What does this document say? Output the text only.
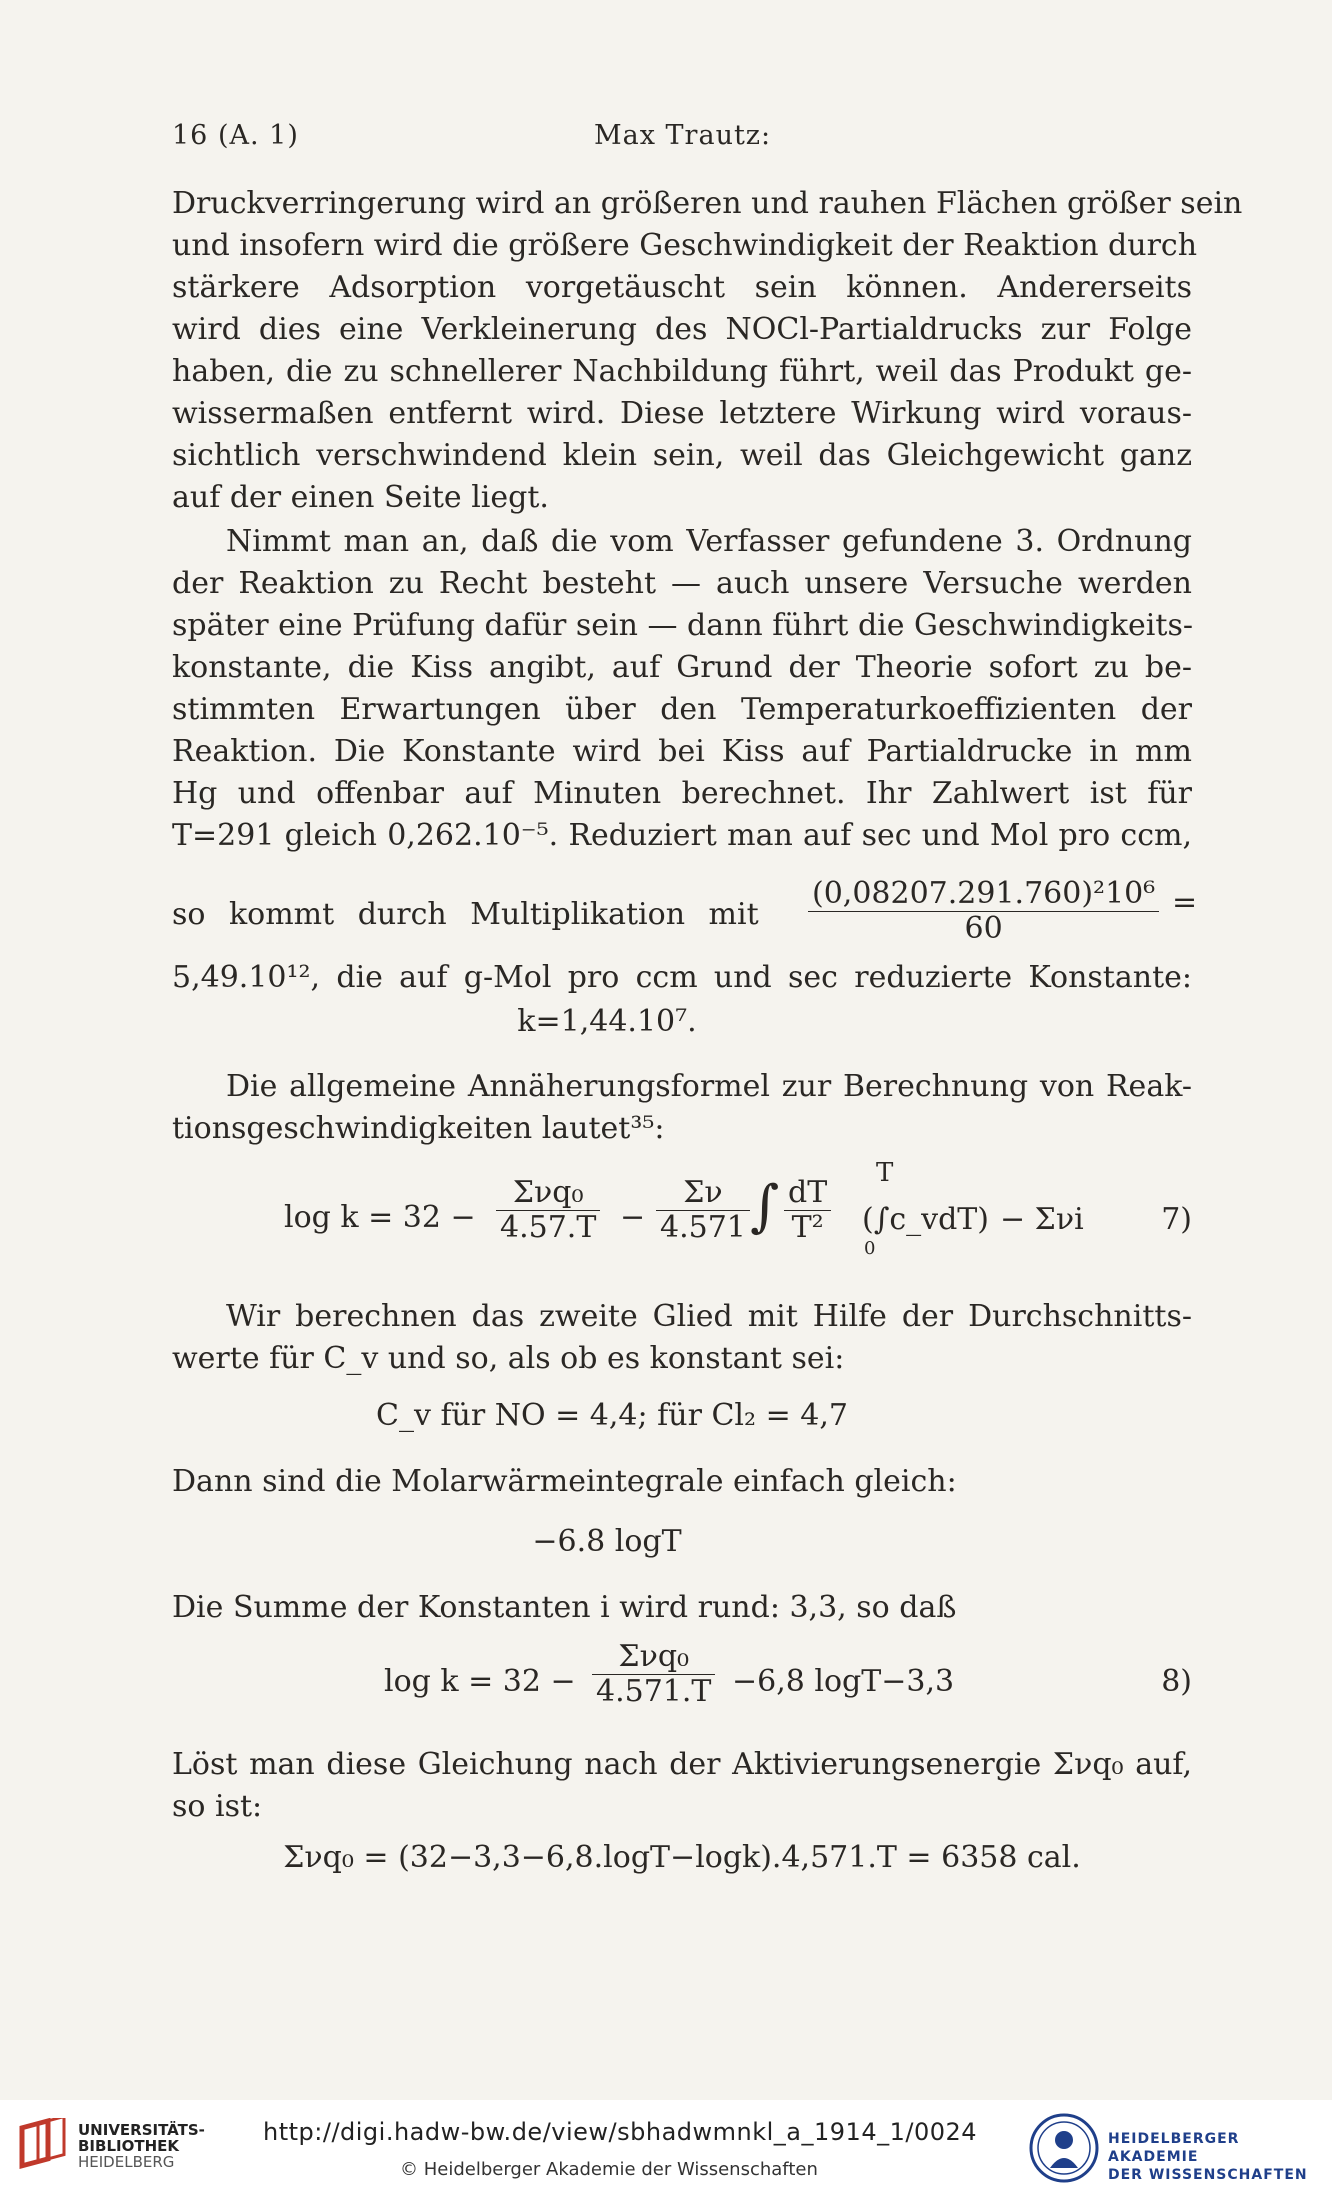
16 (A. 1)	Max Trautz:
Druckverringerung wird an größeren und rauhen Flächen größer sein
und insofern wird die größere Geschwindigkeit der Reaktion durch
stärkere Adsorption vorgetäuscht sein können. Andererseits
wird dies eine Verkleinerung des NOCl-Partialdrucks zur Folge
haben, die zu schnellerer Nachbildung führt, weil das Produkt ge-
wissermaßen entfernt wird. Diese letztere Wirkung wird voraus-
sichtlich verschwindend klein sein, weil das Gleichgewicht ganz
auf der einen Seite liegt.
Nimmt man an, daß die vom Verfasser gefundene 3. Ordnung
der Reaktion zu Recht besteht — auch unsere Versuche werden
später eine Prüfung dafür sein — dann führt die Geschwindigkeits-
konstante, die Kiss angibt, auf Grund der Theorie sofort zu be-
stimmten Erwartungen über den Temperaturkoeffizienten der
Reaktion. Die Konstante wird bei Kiss auf Partialdrucke in mm
Hg und offenbar auf Minuten berechnet. Ihr Zahlwert ist für
T=291 gleich 0,262.10⁻⁵. Reduziert man auf sec und Mol pro ccm,
so kommt durch Multiplikation mit $\frac{\text{(0,08207.291.760)²10⁶}}{60}$ =
5,49.10¹², die auf g-Mol pro ccm und sec reduzierte Konstante:
k=1,44.10⁷.
Die allgemeine Annäherungsformel zur Berechnung von Reak-
tionsgeschwindigkeiten lautet³⁵:
log k = 32 −
Σνq₀
$4.57.T - \frac{\Sigma\nu}{4.571}$ ∫ $\frac{dT}{\text{T²}}$
T
(∫c_vdT)
0
− Σνi	7)
Wir berechnen das zweite Glied mit Hilfe der Durchschnitts-
werte für C_v und so, als ob es konstant sei:
C_v für NO = 4,4; für Cl₂ = 4,7
Dann sind die Molarwärmeintegrale einfach gleich:
−6.8 logT
Die Summe der Konstanten i wird rund: 3,3, so daß
log k = 32 −
Σνq₀
4.571.T −6,8 logT−3,3	8)
Löst man diese Gleichung nach der Aktivierungsenergie Σνq₀ auf,
so ist:
Σνq₀ = (32−3,3−6,8.logT−logk).4,571.T = 6358 cal.
UNIVERSITÄTS-
BIBLIOTHEK
HEIDELBERG
http://digi.hadw-bw.de/view/sbhadwmnkl_a_1914_1/0024
© Heidelberger Akademie der Wissenschaften
HEIDELBERGER AKADEMIE
DER WISSENSCHAFTEN
